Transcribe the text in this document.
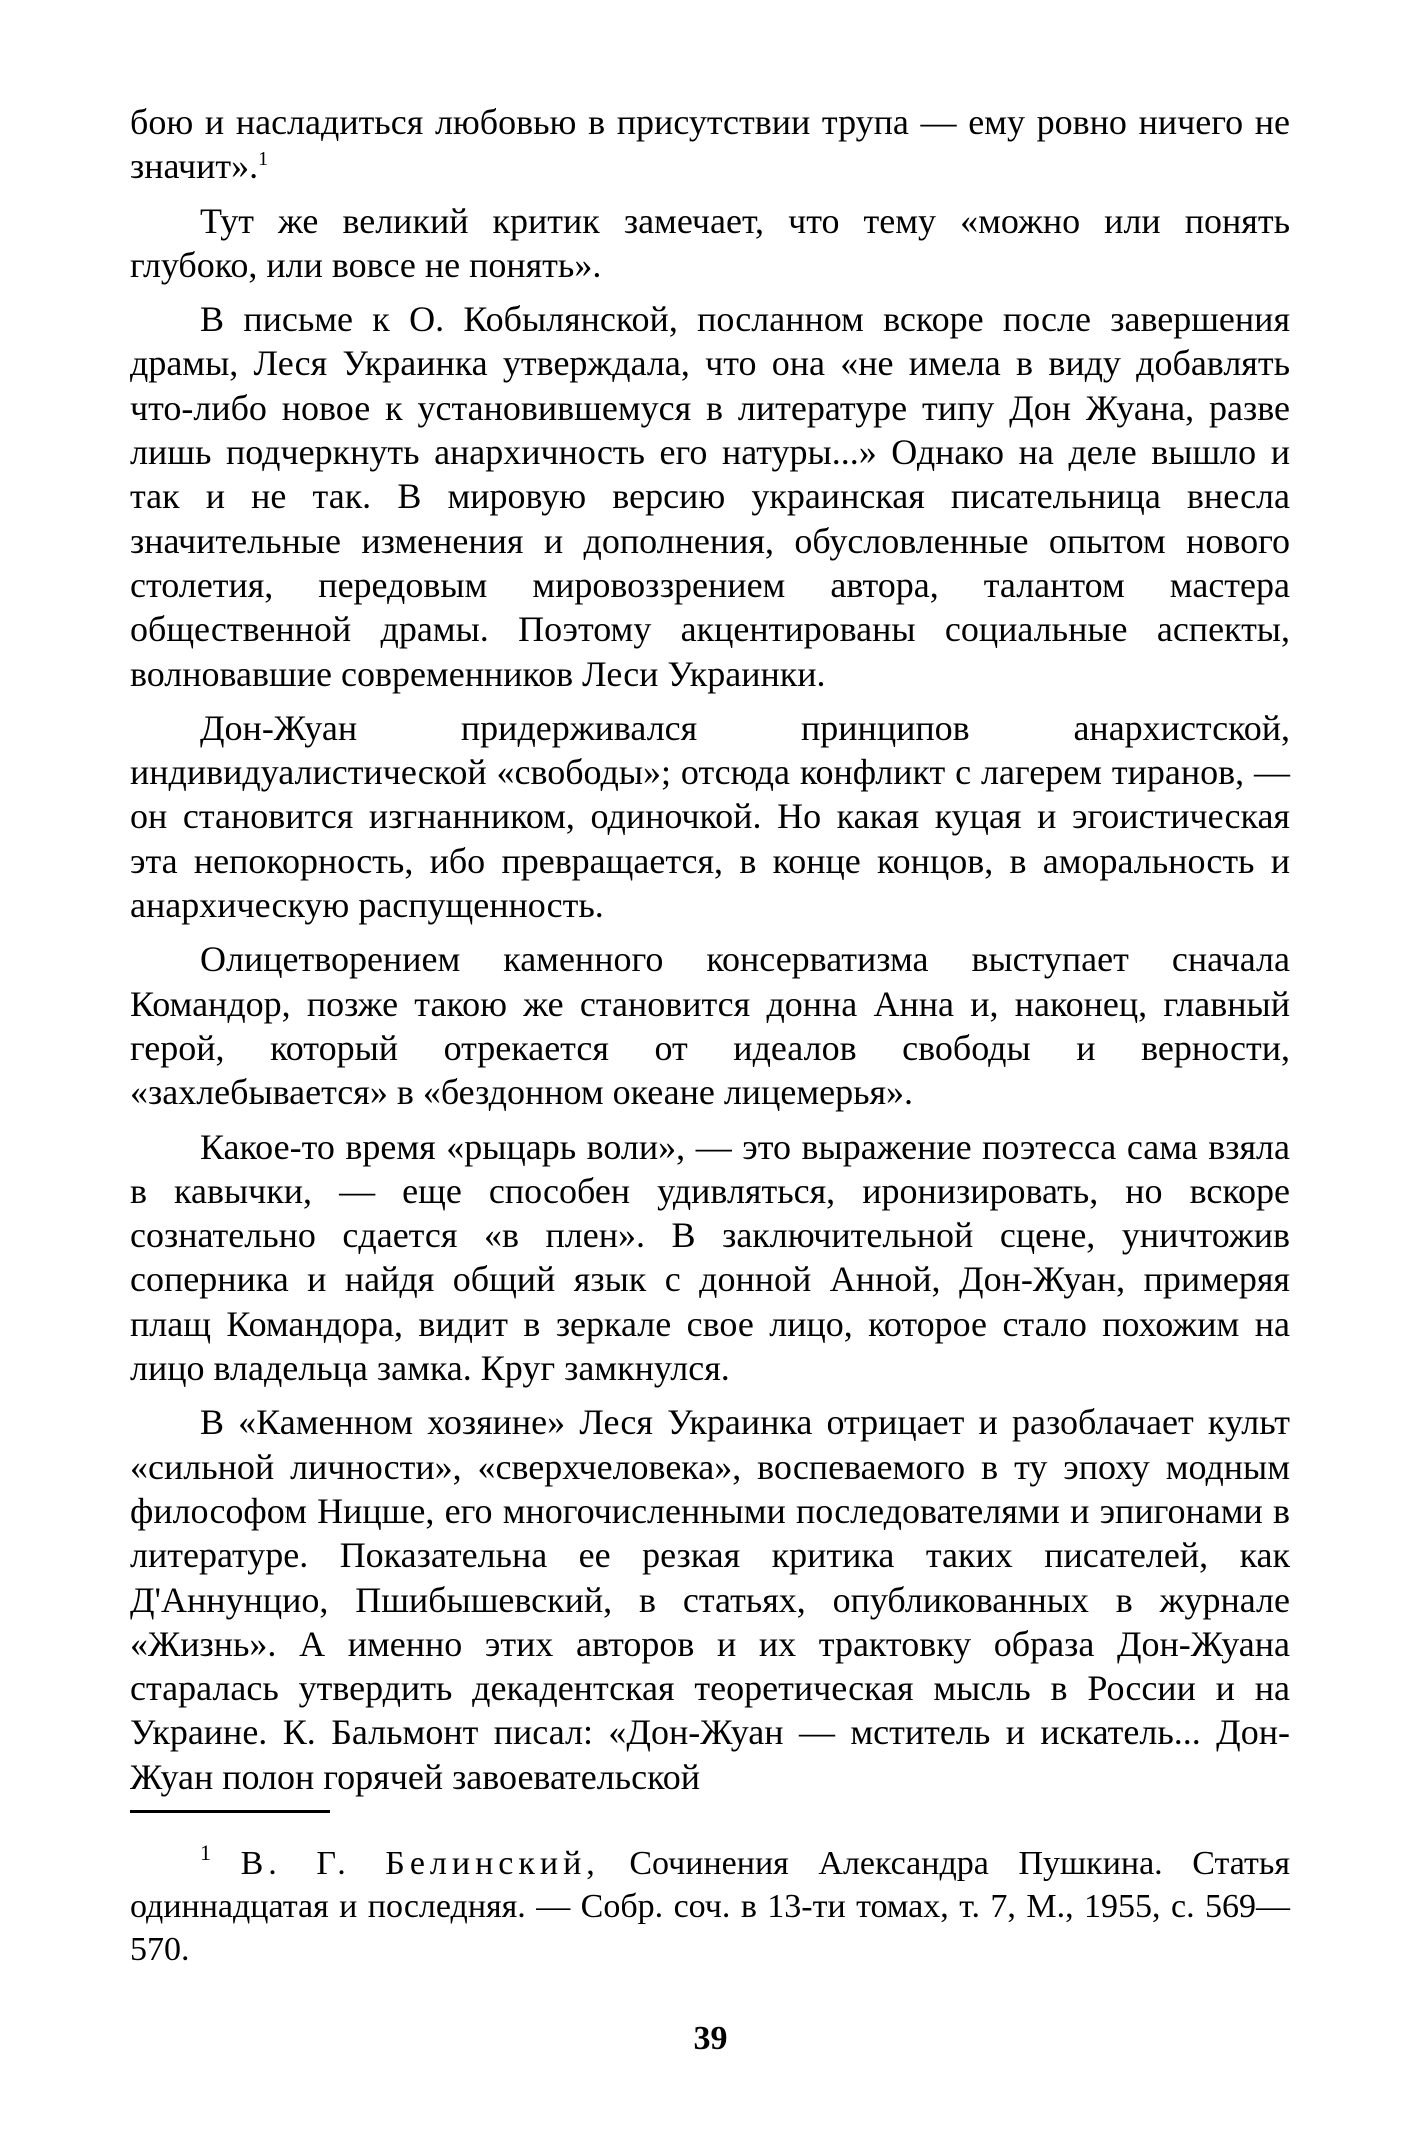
бою и насладиться любовью в присутствии трупа — ему ровно ничего не значит».$^1$

Тут же великий критик замечает, что тему «можно или понять глубоко, или вовсе не понять».

В письме к О. Кобылянской, посланном вскоре после завершения драмы, Леся Украинка утверждала, что она «не имела в виду добавлять что-либо новое к установившемуся в литературе типу Дон Жуана, разве лишь подчеркнуть анархичность его натуры...» Однако на деле вышло и так и не так. В мировую версию украинская писательница внесла значительные изменения и дополнения, обусловленные опытом нового столетия, передовым мировоззрением автора, талантом мастера общественной драмы. Поэтому акцентированы социальные аспекты, волновавшие современников Леси Украинки.

Дон-Жуан придерживался принципов анархистской, индивидуалистической «свободы»; отсюда конфликт с лагерем тиранов, — он становится изгнанником, одиночкой. Но какая куцая и эгоистическая эта непокорность, ибо превращается, в конце концов, в аморальность и анархическую распущенность.

Олицетворением каменного консерватизма выступает сначала Командор, позже такою же становится донна Анна и, наконец, главный герой, который отрекается от идеалов свободы и верности, «захлебывается» в «бездонном океане лицемерья».

Какое-то время «рыцарь воли», — это выражение поэтесса сама взяла в кавычки, — еще способен удивляться, иронизировать, но вскоре сознательно сдается «в плен». В заключительной сцене, уничтожив соперника и найдя общий язык с донной Анной, Дон-Жуан, примеряя плащ Командора, видит в зеркале свое лицо, которое стало похожим на лицо владельца замка. Круг замкнулся.

В «Каменном хозяине» Леся Украинка отрицает и разоблачает культ «сильной личности», «сверхчеловека», воспеваемого в ту эпоху модным философом Ницше, его многочисленными последователями и эпигонами в литературе. Показательна ее резкая критика таких писателей, как Д'Аннунцио, Пшибышевский, в статьях, опубликованных в журнале «Жизнь». А именно этих авторов и их трактовку образа Дон-Жуана старалась утвердить декадентская теоретическая мысль в России и на Украине. К. Бальмонт писал: «Дон-Жуан — мститель и искатель... Дон-Жуан полон горячей завоевательской

$^1$ В. Г. Белинский, Сочинения Александра Пушкина. Статья одиннадцатая и последняя. — Собр. соч. в 13-ти томах, т. 7, М., 1955, с. 569—570.

39
